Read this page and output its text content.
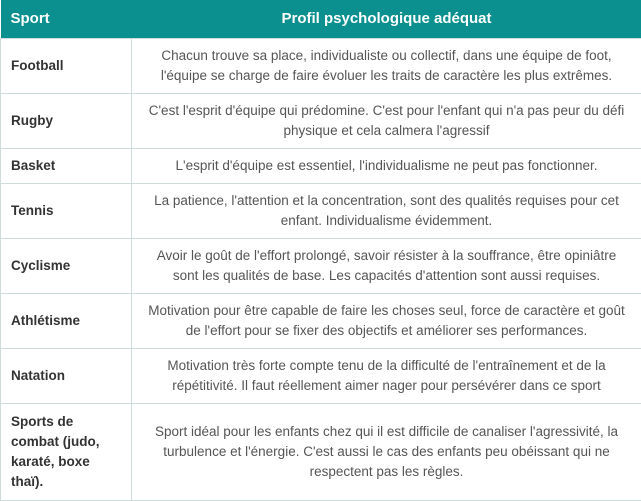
Sport	Profil psychologique adéquat
Football	Chacun trouve sa place, individualiste ou collectif, dans une équipe de foot, l'équipe se charge de faire évoluer les traits de caractère les plus extrêmes.
Rugby	C'est l'esprit d'équipe qui prédomine. C'est pour l'enfant qui n'a pas peur du défi physique et cela calmera l'agressif
Basket	L'esprit d'équipe est essentiel, l'individualisme ne peut pas fonctionner.
Tennis	La patience, l'attention et la concentration, sont des qualités requises pour cet enfant. Individualisme évidemment.
Cyclisme	Avoir le goût de l'effort prolongé, savoir résister à la souffrance, être opiniâtre sont les qualités de base. Les capacités d'attention sont aussi requises.
Athlétisme	Motivation pour être capable de faire les choses seul, force de caractère et goût de l'effort pour se fixer des objectifs et améliorer ses performances.
Natation	Motivation très forte compte tenu de la difficulté de l'entraînement et de la répétitivité. Il faut réellement aimer nager pour persévérer dans ce sport
Sports de combat (judo, karaté, boxe thaï).	Sport idéal pour les enfants chez qui il est difficile de canaliser l'agressivité, la turbulence et l'énergie. C'est aussi le cas des enfants peu obéissant qui ne respectent pas les règles.
